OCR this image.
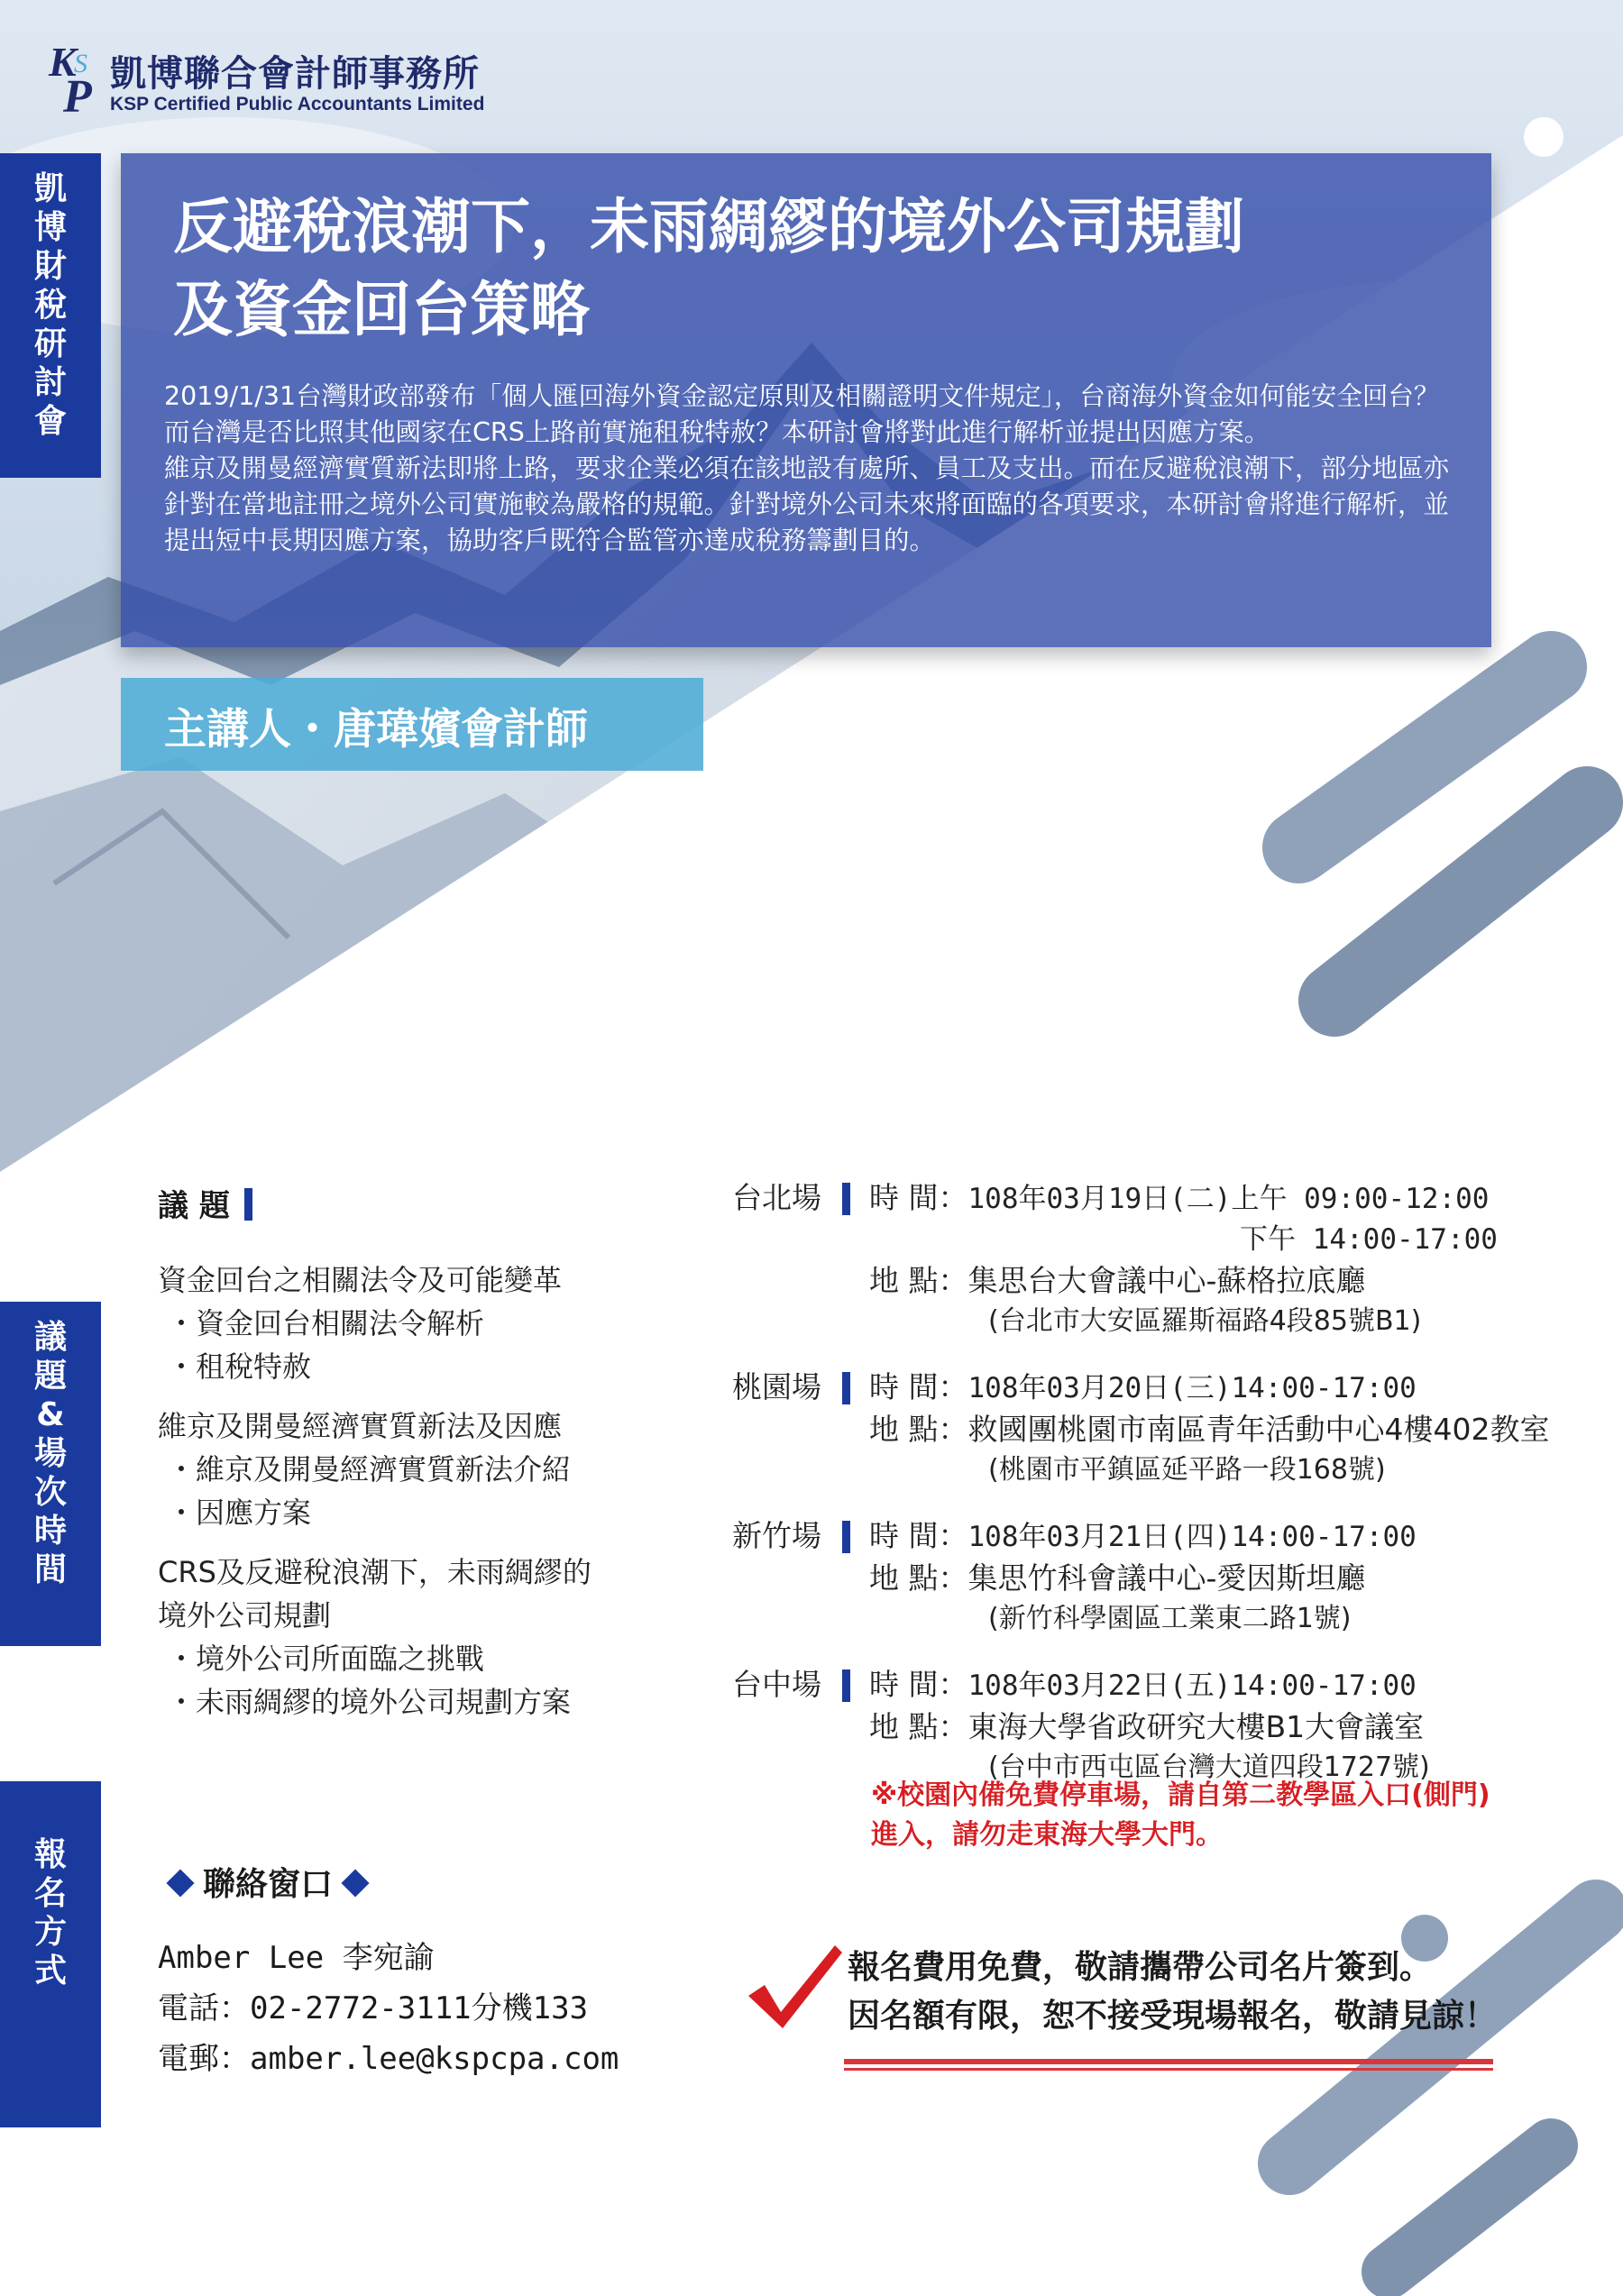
K
P
S 凱博聯合會計師事務所
KSP Certified Public Accountants Limited
凱博財稅研討會
議題&場次時間
報名方式
反避稅浪潮下，未雨綢繆的境外公司規劃
及資金回台策略

2019/1/31台灣財政部發布「個人匯回海外資金認定原則及相關證明文件規定」，台商海外資金如何能安全回台？而台灣是否比照其他國家在CRS上路前實施租稅特赦？本研討會將對此進行解析並提出因應方案。

維京及開曼經濟實質新法即將上路，要求企業必須在該地設有處所、員工及支出。而在反避稅浪潮下，部分地區亦針對在當地註冊之境外公司實施較為嚴格的規範。針對境外公司未來將面臨的各項要求，本研討會將進行解析，並提出短中長期因應方案，協助客戶既符合監管亦達成稅務籌劃目的。

主講人・唐瑋嬪會計師
議 題
資金回台之相關法令及可能變革
・資金回台相關法令解析
・租稅特赦
維京及開曼經濟實質新法及因應
・維京及開曼經濟實質新法介紹
・因應方案
CRS及反避稅浪潮下，未雨綢繆的
境外公司規劃
・境外公司所面臨之挑戰
・未雨綢繆的境外公司規劃方案
台北場 時 間：108年03月19日(二)上午 09:00-12:00
下午 14:00-17:00
地 點：集思台大會議中心-蘇格拉底廳
(台北市大安區羅斯福路4段85號B1)
桃園場 時 間：108年03月20日(三)14:00-17:00
地 點：救國團桃園市南區青年活動中心4樓402教室
(桃園市平鎮區延平路一段168號)
新竹場 時 間：108年03月21日(四)14:00-17:00
地 點：集思竹科會議中心-愛因斯坦廳
(新竹科學園區工業東二路1號)
台中場 時 間：108年03月22日(五)14:00-17:00
地 點：東海大學省政研究大樓B1大會議室
(台中市西屯區台灣大道四段1727號)
※校園內備免費停車場，請自第二教學區入口(側門)進入，請勿走東海大學大門。
聯絡窗口
Amber Lee 李宛諭
電話：02-2772-3111分機133
電郵：amber.lee@kspcpa.com
報名費用免費，敬請攜帶公司名片簽到。
因名額有限，恕不接受現場報名，敬請見諒！
